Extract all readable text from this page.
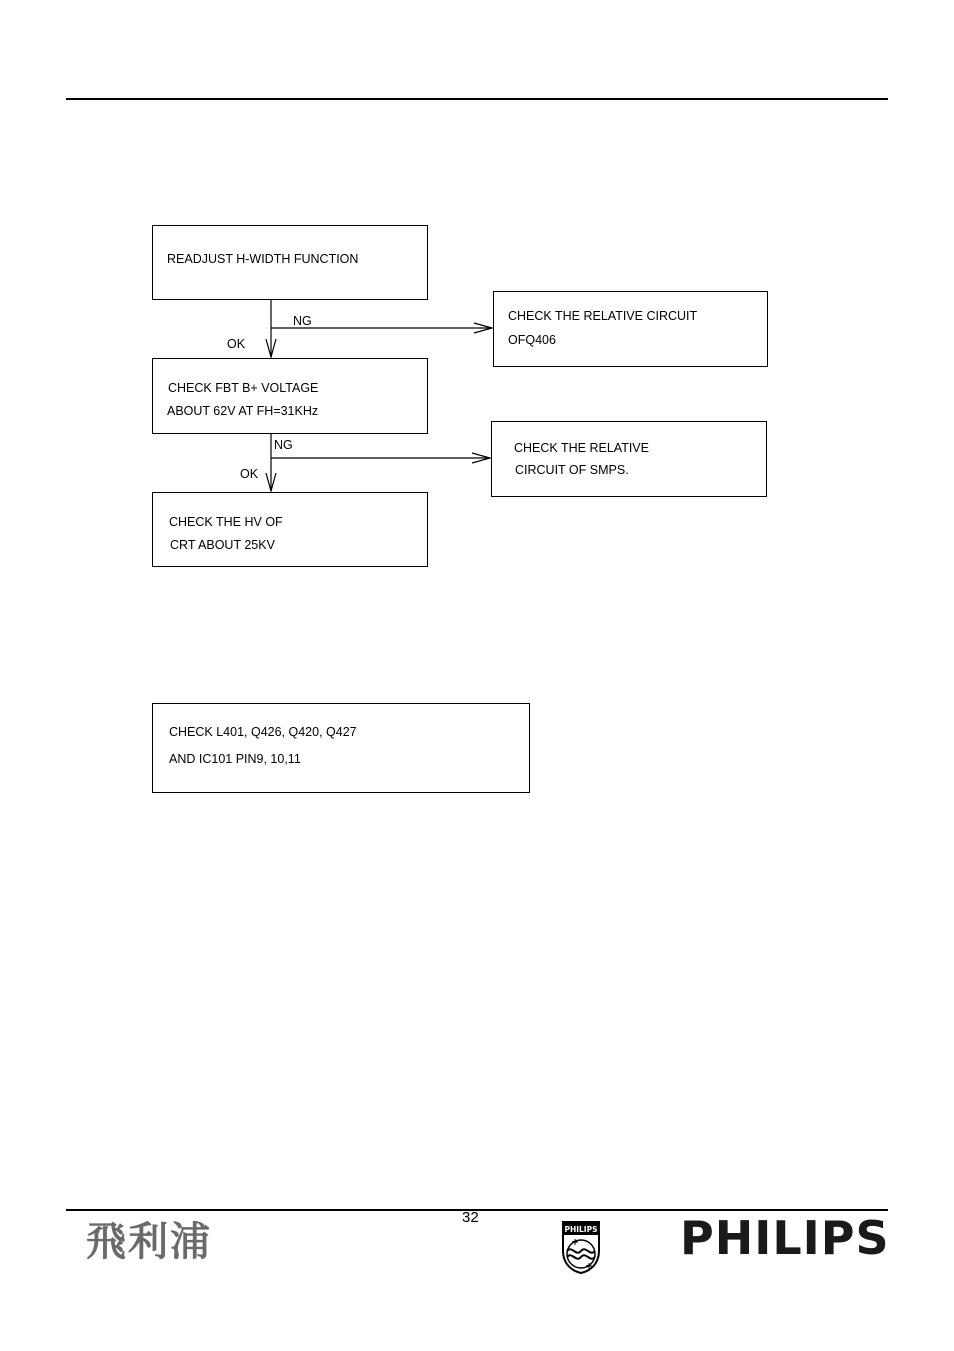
READJUST H-WIDTH FUNCTION
CHECK THE RELATIVE CIRCUIT
OFQ406
CHECK FBT B+ VOLTAGE
ABOUT 62V AT FH=31KHz
CHECK THE RELATIVE
CIRCUIT OF SMPS.
CHECK THE HV OF
CRT ABOUT 25KV
CHECK L401, Q426, Q420, Q427
AND IC101 PIN9, 10,11
NG
OK
NG
OK
32
飛利浦	PHILIPS PHILIPS
